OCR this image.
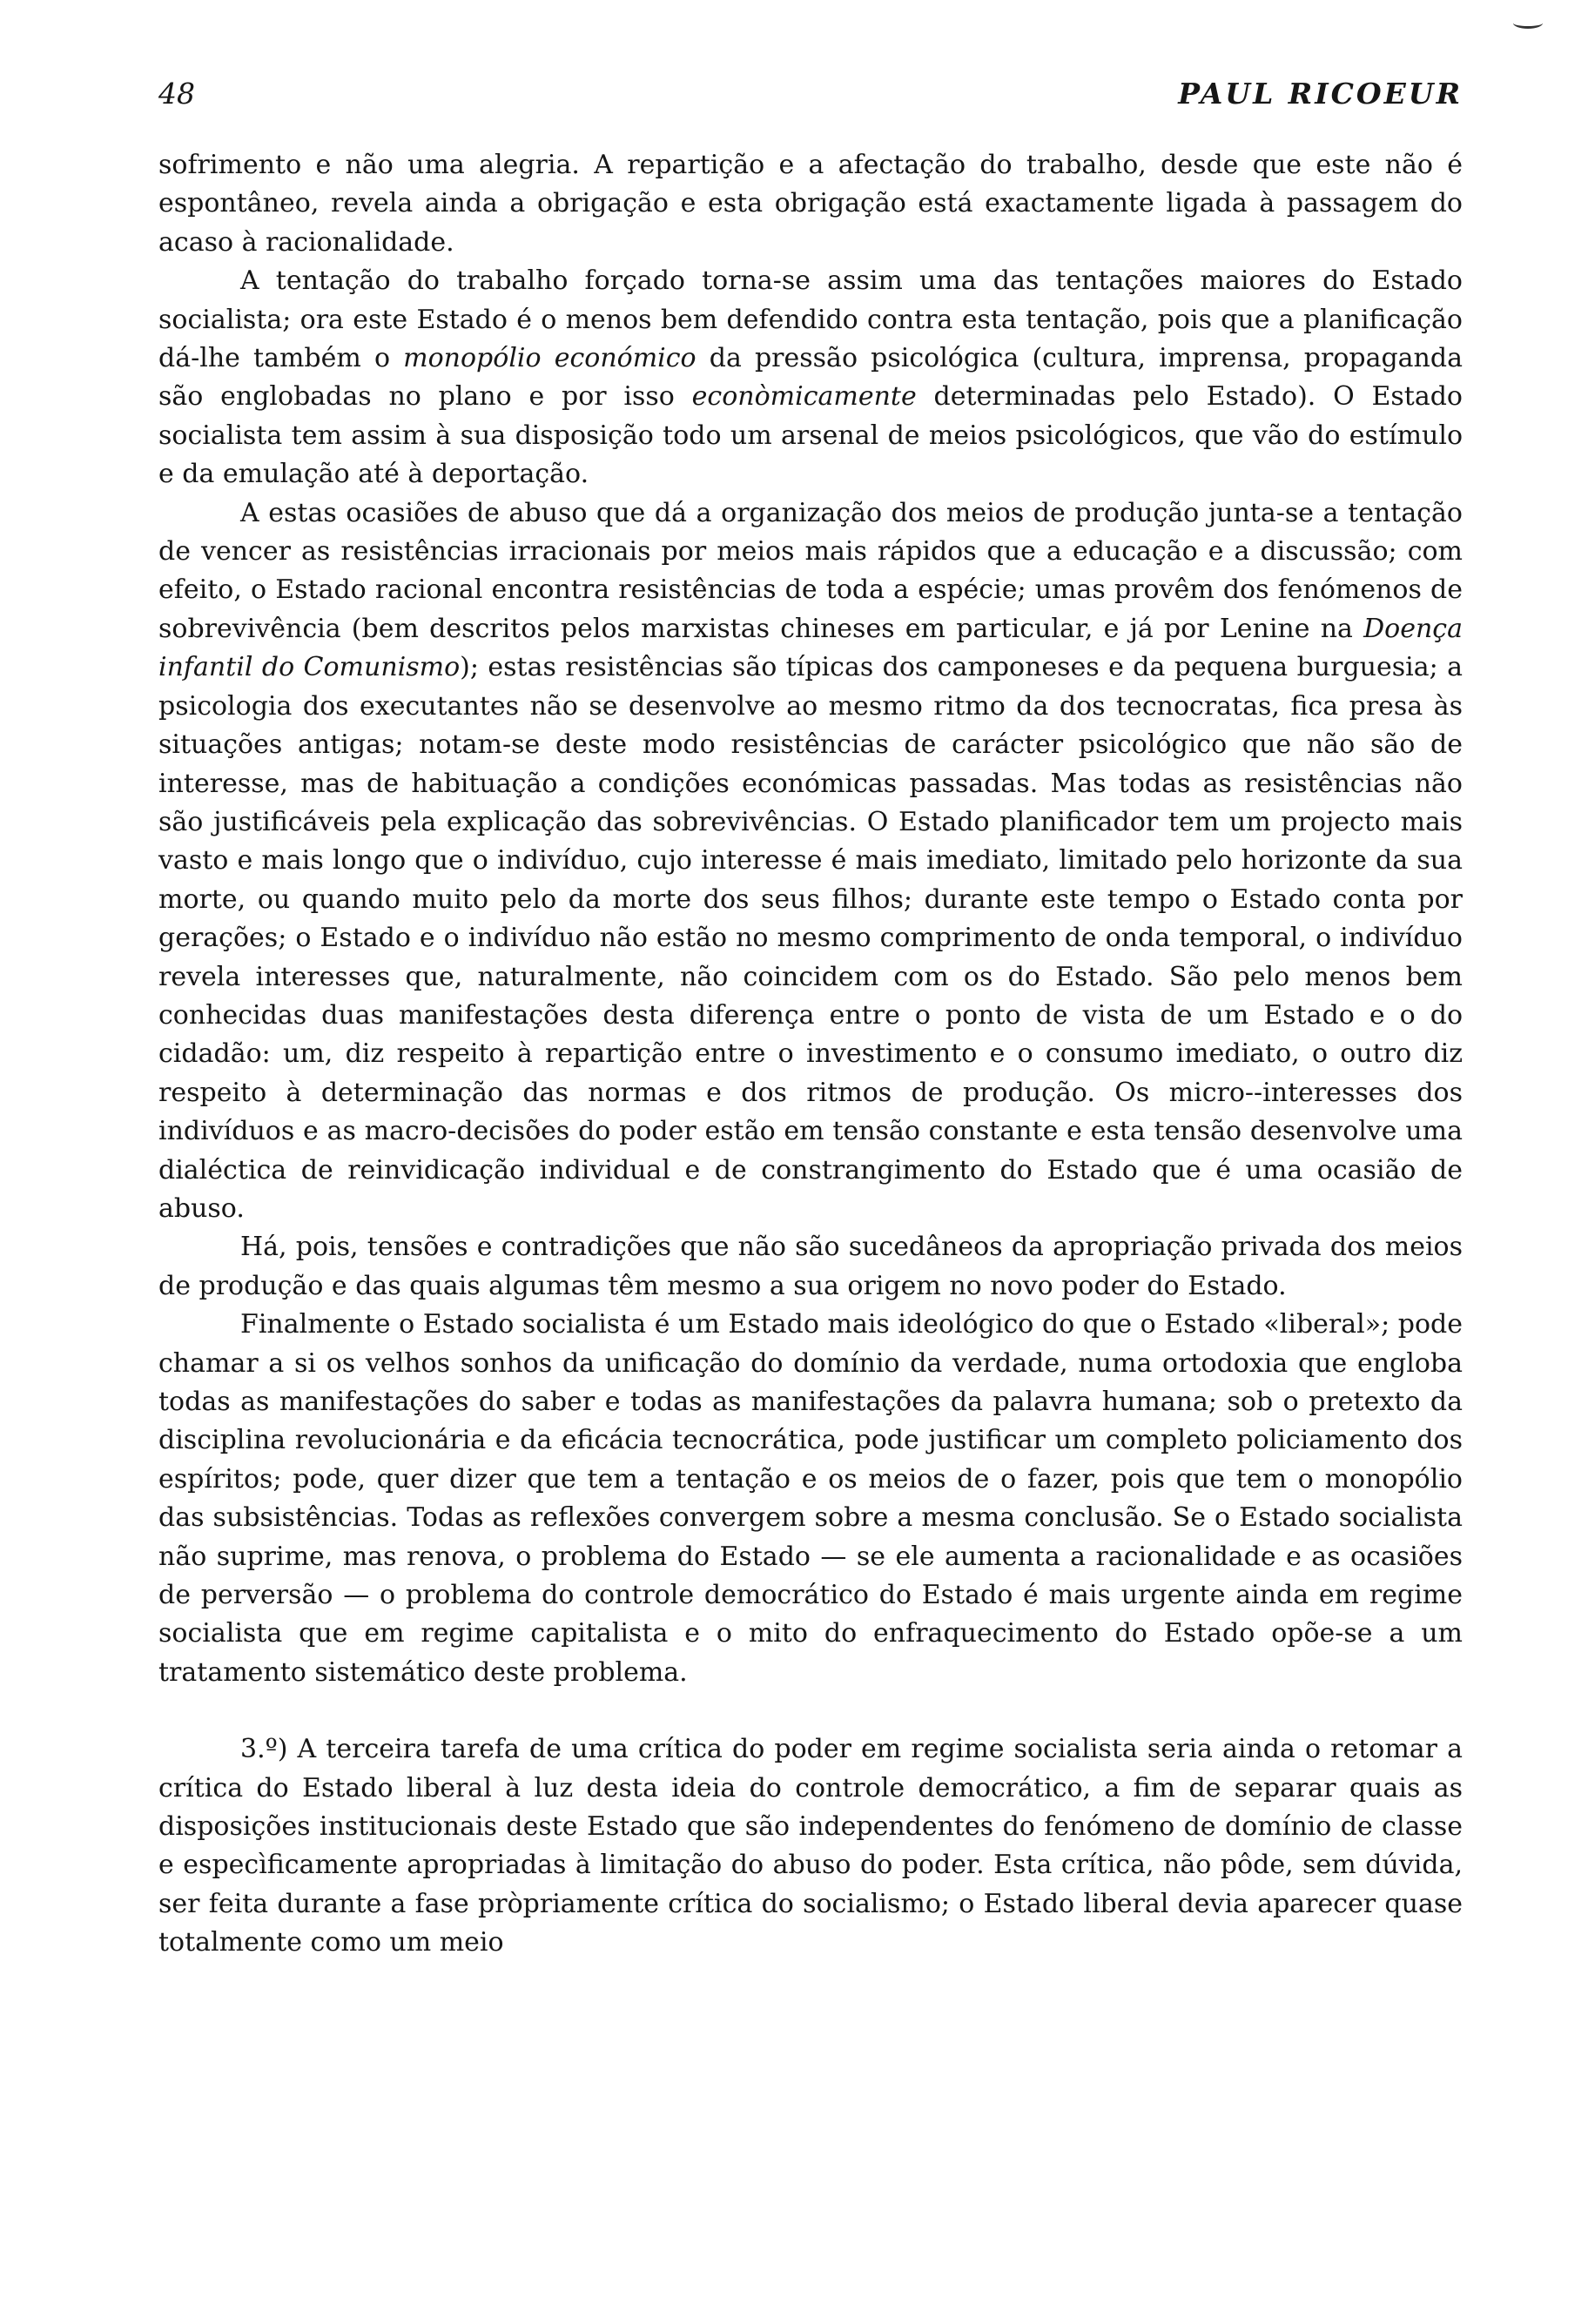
48	PAUL RICOEUR

sofrimento e não uma alegria. A repartição e a afectação do trabalho, desde que este não é espontâneo, revela ainda a obrigação e esta obrigação está exactamente ligada à passagem do acaso à racionalidade.

A tentação do trabalho forçado torna-se assim uma das tentações maiores do Estado socialista; ora este Estado é o menos bem defendido contra esta tentação, pois que a planificação dá-lhe também o monopólio económico da pressão psicológica (cultura, imprensa, propaganda são englobadas no plano e por isso econòmicamente determinadas pelo Estado). O Estado socialista tem assim à sua disposição todo um arsenal de meios psicológicos, que vão do estímulo e da emulação até à deportação.

A estas ocasiões de abuso que dá a organização dos meios de produção junta-se a tentação de vencer as resistências irracionais por meios mais rápidos que a educação e a discussão; com efeito, o Estado racional encontra resistências de toda a espécie; umas provêm dos fenómenos de sobrevivência (bem descritos pelos marxistas chineses em particular, e já por Lenine na Doença infantil do Comunismo); estas resistências são típicas dos camponeses e da pequena burguesia; a psicologia dos executantes não se desenvolve ao mesmo ritmo da dos tecnocratas, fica presa às situações antigas; notam-se deste modo resistências de carácter psicológico que não são de interesse, mas de habituação a condições económicas passadas. Mas todas as resistências não são justificáveis pela explicação das sobrevivências. O Estado planificador tem um projecto mais vasto e mais longo que o indivíduo, cujo interesse é mais imediato, limitado pelo horizonte da sua morte, ou quando muito pelo da morte dos seus filhos; durante este tempo o Estado conta por gerações; o Estado e o indivíduo não estão no mesmo comprimento de onda temporal, o indivíduo revela interesses que, naturalmente, não coincidem com os do Estado. São pelo menos bem conhecidas duas manifestações desta diferença entre o ponto de vista de um Estado e o do cidadão: um, diz respeito à repartição entre o investimento e o consumo imediato, o outro diz respeito à determinação das normas e dos ritmos de produção. Os micro--interesses dos indivíduos e as macro-decisões do poder estão em tensão constante e esta tensão desenvolve uma dialéctica de reinvidicação individual e de constrangimento do Estado que é uma ocasião de abuso.

Há, pois, tensões e contradições que não são sucedâneos da apropriação privada dos meios de produção e das quais algumas têm mesmo a sua origem no novo poder do Estado.

Finalmente o Estado socialista é um Estado mais ideológico do que o Estado «liberal»; pode chamar a si os velhos sonhos da unificação do domínio da verdade, numa ortodoxia que engloba todas as manifestações do saber e todas as manifestações da palavra humana; sob o pretexto da disciplina revolucionária e da eficácia tecnocrática, pode justificar um completo policiamento dos espíritos; pode, quer dizer que tem a tentação e os meios de o fazer, pois que tem o monopólio das subsistências. Todas as reflexões convergem sobre a mesma conclusão. Se o Estado socialista não suprime, mas renova, o problema do Estado — se ele aumenta a racionalidade e as ocasiões de perversão — o problema do controle democrático do Estado é mais urgente ainda em regime socialista que em regime capitalista e o mito do enfraquecimento do Estado opõe-se a um tratamento sistemático deste problema.

3.º) A terceira tarefa de uma crítica do poder em regime socialista seria ainda o retomar a crítica do Estado liberal à luz desta ideia do controle democrático, a fim de separar quais as disposições institucionais deste Estado que são independentes do fenómeno de domínio de classe e especìficamente apropriadas à limitação do abuso do poder. Esta crítica, não pôde, sem dúvida, ser feita durante a fase pròpriamente crítica do socialismo; o Estado liberal devia aparecer quase totalmente como um meio
